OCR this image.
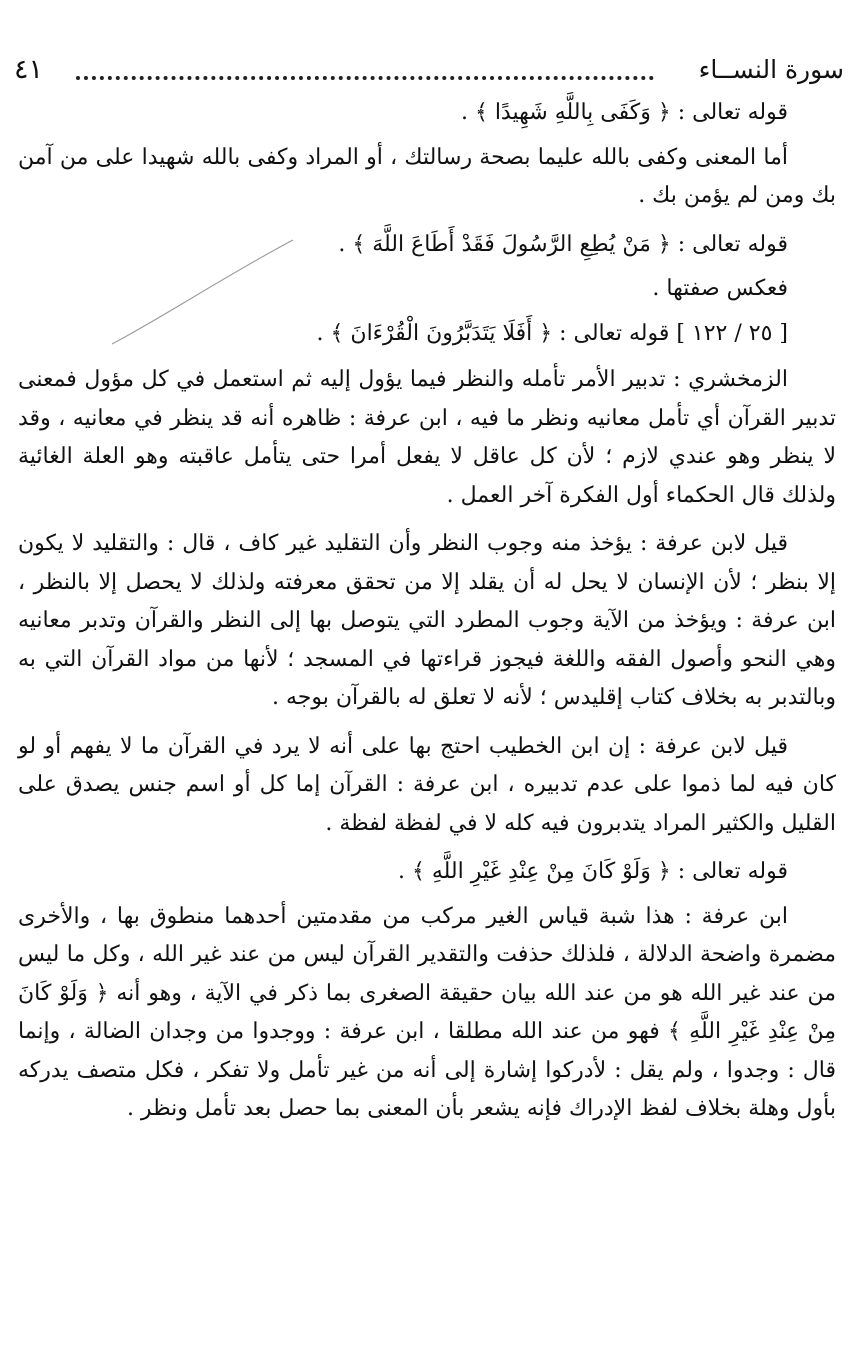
سورة النســاء
٤١

قوله تعالى : ﴿ وَكَفَى بِاللَّهِ شَهِيدًا ﴾ .

أما المعنى وكفى بالله عليما بصحة رسالتك ، أو المراد وكفى بالله شهيدا على من آمن بك ومن لم يؤمن بك .

قوله تعالى : ﴿ مَنْ يُطِعِ الرَّسُولَ فَقَدْ أَطَاعَ اللَّهَ ﴾ .

فعكس صفتها .

[ ٢٥ / ١٢٢ ] قوله تعالى : ﴿ أَفَلَا يَتَدَبَّرُونَ الْقُرْءَانَ ﴾ .

الزمخشري : تدبير الأمر تأمله والنظر فيما يؤول إليه ثم استعمل في كل مؤول فمعنى تدبير القرآن أي تأمل معانيه ونظر ما فيه ، ابن عرفة : ظاهره أنه قد ينظر في معانيه ، وقد لا ينظر وهو عندي لازم ؛ لأن كل عاقل لا يفعل أمرا حتى يتأمل عاقبته وهو العلة الغائية ولذلك قال الحكماء أول الفكرة آخر العمل .

قيل لابن عرفة : يؤخذ منه وجوب النظر وأن التقليد غير كاف ، قال : والتقليد لا يكون إلا بنظر ؛ لأن الإنسان لا يحل له أن يقلد إلا من تحقق معرفته ولذلك لا يحصل إلا بالنظر ، ابن عرفة : ويؤخذ من الآية وجوب المطرد التي يتوصل بها إلى النظر والقرآن وتدبر معانيه وهي النحو وأصول الفقه واللغة فيجوز قراءتها في المسجد ؛ لأنها من مواد القرآن التي به وبالتدبر به بخلاف كتاب إقليدس ؛ لأنه لا تعلق له بالقرآن بوجه .

قيل لابن عرفة : إن ابن الخطيب احتج بها على أنه لا يرد في القرآن ما لا يفهم أو لو كان فيه لما ذموا على عدم تدبيره ، ابن عرفة : القرآن إما كل أو اسم جنس يصدق على القليل والكثير المراد يتدبرون فيه كله لا في لفظة لفظة .

قوله تعالى : ﴿ وَلَوْ كَانَ مِنْ عِنْدِ غَيْرِ اللَّهِ ﴾ .

ابن عرفة : هذا شبة قياس الغير مركب من مقدمتين أحدهما منطوق بها ، والأخرى مضمرة واضحة الدلالة ، فلذلك حذفت والتقدير القرآن ليس من عند غير الله ، وكل ما ليس من عند غير الله هو من عند الله بيان حقيقة الصغرى بما ذكر في الآية ، وهو أنه ﴿ وَلَوْ كَانَ مِنْ عِنْدِ غَيْرِ اللَّهِ ﴾ فهو من عند الله مطلقا ، ابن عرفة : ووجدوا من وجدان الضالة ، وإنما قال : وجدوا ، ولم يقل : لأدركوا إشارة إلى أنه من غير تأمل ولا تفكر ، فكل متصف يدركه بأول وهلة بخلاف لفظ الإدراك فإنه يشعر بأن المعنى بما حصل بعد تأمل ونظر .
